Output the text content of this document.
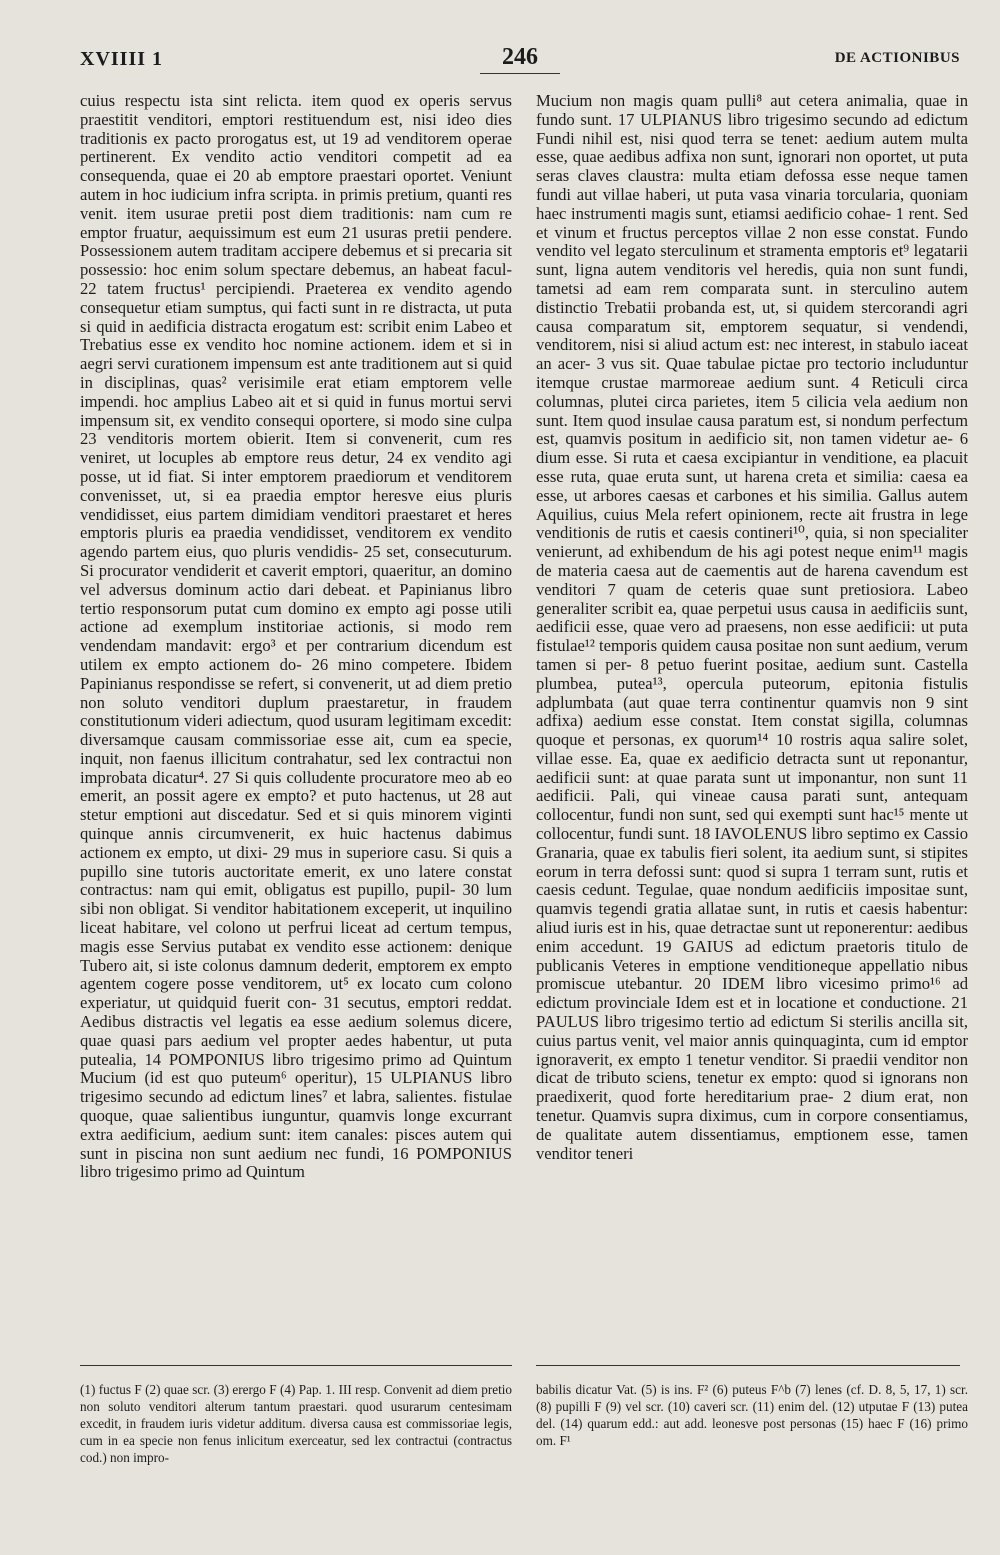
XVIIII 1	246	DE ACTIONIBUS

cuius respectu ista sint relicta. item quod ex operis servus praestitit venditori, emptori restituendum est, nisi ideo dies traditionis ex pacto prorogatus est, ut 19 ad venditorem operae pertinerent. Ex vendito actio venditori competit ad ea consequenda, quae ei 20 ab emptore praestari oportet. Veniunt autem in hoc iudicium infra scripta. in primis pretium, quanti res venit. item usurae pretii post diem traditionis: nam cum re emptor fruatur, aequissimum est eum 21 usuras pretii pendere. Possessionem autem traditam accipere debemus et si precaria sit possessio: hoc enim solum spectare debemus, an habeat facul- 22 tatem fructus¹ percipiendi. Praeterea ex vendito agendo consequetur etiam sumptus, qui facti sunt in re distracta, ut puta si quid in aedificia distracta erogatum est: scribit enim Labeo et Trebatius esse ex vendito hoc nomine actionem. idem et si in aegri servi curationem impensum est ante traditionem aut si quid in disciplinas, quas² verisimile erat etiam emptorem velle impendi. hoc amplius Labeo ait et si quid in funus mortui servi impensum sit, ex vendito consequi oportere, si modo sine culpa 23 venditoris mortem obierit. Item si convenerit, cum res veniret, ut locuples ab emptore reus detur, 24 ex vendito agi posse, ut id fiat. Si inter emptorem praediorum et venditorem convenisset, ut, si ea praedia emptor heresve eius pluris vendidisset, eius partem dimidiam venditori praestaret et heres emptoris pluris ea praedia vendidisset, venditorem ex vendito agendo partem eius, quo pluris vendidis- 25 set, consecuturum. Si procurator vendiderit et caverit emptori, quaeritur, an domino vel adversus dominum actio dari debeat. et Papinianus libro tertio responsorum putat cum domino ex empto agi posse utili actione ad exemplum institoriae actionis, si modo rem vendendam mandavit: ergo³ et per contrarium dicendum est utilem ex empto actionem do- 26 mino competere. Ibidem Papinianus respondisse se refert, si convenerit, ut ad diem pretio non soluto venditori duplum praestaretur, in fraudem constitutionum videri adiectum, quod usuram legitimam excedit: diversamque causam commissoriae esse ait, cum ea specie, inquit, non faenus illicitum contrahatur, sed lex contractui non improbata dicatur⁴. 27 Si quis colludente procuratore meo ab eo emerit, an possit agere ex empto? et puto hactenus, ut 28 aut stetur emptioni aut discedatur. Sed et si quis minorem viginti quinque annis circumvenerit, ex huic hactenus dabimus actionem ex empto, ut dixi- 29 mus in superiore casu. Si quis a pupillo sine tutoris auctoritate emerit, ex uno latere constat contractus: nam qui emit, obligatus est pupillo, pupil- 30 lum sibi non obligat. Si venditor habitationem exceperit, ut inquilino liceat habitare, vel colono ut perfrui liceat ad certum tempus, magis esse Servius putabat ex vendito esse actionem: denique Tubero ait, si iste colonus damnum dederit, emptorem ex empto agentem cogere posse venditorem, ut⁵ ex locato cum colono experiatur, ut quidquid fuerit con- 31 secutus, emptori reddat. Aedibus distractis vel legatis ea esse aedium solemus dicere, quae quasi pars aedium vel propter aedes habentur, ut puta putealia, 14 POMPONIUS libro trigesimo primo ad Quintum Mucium (id est quo puteum⁶ operitur), 15 ULPIANUS libro trigesimo secundo ad edictum lines⁷ et labra, salientes. fistulae quoque, quae salientibus iunguntur, quamvis longe excurrant extra aedificium, aedium sunt: item canales: pisces autem qui sunt in piscina non sunt aedium nec fundi, 16 POMPONIUS libro trigesimo primo ad Quintum

Mucium non magis quam pulli⁸ aut cetera animalia, quae in fundo sunt. 17 ULPIANUS libro trigesimo secundo ad edictum Fundi nihil est, nisi quod terra se tenet: aedium autem multa esse, quae aedibus adfixa non sunt, ignorari non oportet, ut puta seras claves claustra: multa etiam defossa esse neque tamen fundi aut villae haberi, ut puta vasa vinaria torcularia, quoniam haec instrumenti magis sunt, etiamsi aedificio cohae- 1 rent. Sed et vinum et fructus perceptos villae 2 non esse constat. Fundo vendito vel legato sterculinum et stramenta emptoris et⁹ legatarii sunt, ligna autem venditoris vel heredis, quia non sunt fundi, tametsi ad eam rem comparata sunt. in sterculino autem distinctio Trebatii probanda est, ut, si quidem stercorandi agri causa comparatum sit, emptorem sequatur, si vendendi, venditorem, nisi si aliud actum est: nec interest, in stabulo iaceat an acer- 3 vus sit. Quae tabulae pictae pro tectorio includuntur itemque crustae marmoreae aedium sunt. 4 Reticuli circa columnas, plutei circa parietes, item 5 cilicia vela aedium non sunt. Item quod insulae causa paratum est, si nondum perfectum est, quamvis positum in aedificio sit, non tamen videtur ae- 6 dium esse. Si ruta et caesa excipiantur in venditione, ea placuit esse ruta, quae eruta sunt, ut harena creta et similia: caesa ea esse, ut arbores caesas et carbones et his similia. Gallus autem Aquilius, cuius Mela refert opinionem, recte ait frustra in lege venditionis de rutis et caesis contineri¹⁰, quia, si non specialiter venierunt, ad exhibendum de his agi potest neque enim¹¹ magis de materia caesa aut de caementis aut de harena cavendum est venditori 7 quam de ceteris quae sunt pretiosiora. Labeo generaliter scribit ea, quae perpetui usus causa in aedificiis sunt, aedificii esse, quae vero ad praesens, non esse aedificii: ut puta fistulae¹² temporis quidem causa positae non sunt aedium, verum tamen si per- 8 petuo fuerint positae, aedium sunt. Castella plumbea, putea¹³, opercula puteorum, epitonia fistulis adplumbata (aut quae terra continentur quamvis non 9 sint adfixa) aedium esse constat. Item constat sigilla, columnas quoque et personas, ex quorum¹⁴ 10 rostris aqua salire solet, villae esse. Ea, quae ex aedificio detracta sunt ut reponantur, aedificii sunt: at quae parata sunt ut imponantur, non sunt 11 aedificii. Pali, qui vineae causa parati sunt, antequam collocentur, fundi non sunt, sed qui exempti sunt hac¹⁵ mente ut collocentur, fundi sunt. 18 IAVOLENUS libro septimo ex Cassio Granaria, quae ex tabulis fieri solent, ita aedium sunt, si stipites eorum in terra defossi sunt: quod si supra 1 terram sunt, rutis et caesis cedunt. Tegulae, quae nondum aedificiis impositae sunt, quamvis tegendi gratia allatae sunt, in rutis et caesis habentur: aliud iuris est in his, quae detractae sunt ut reponerentur: aedibus enim accedunt. 19 GAIUS ad edictum praetoris titulo de publicanis Veteres in emptione venditioneque appellatio nibus promiscue utebantur. 20 IDEM libro vicesimo primo¹⁶ ad edictum provinciale Idem est et in locatione et conductione. 21 PAULUS libro trigesimo tertio ad edictum Si sterilis ancilla sit, cuius partus venit, vel maior annis quinquaginta, cum id emptor ignoraverit, ex empto 1 tenetur venditor. Si praedii venditor non dicat de tributo sciens, tenetur ex empto: quod si ignorans non praedixerit, quod forte hereditarium prae- 2 dium erat, non tenetur. Quamvis supra diximus, cum in corpore consentiamus, de qualitate autem dissentiamus, emptionem esse, tamen venditor teneri

(1) fuctus F (2) quae scr. (3) erergo F (4) Pap. 1. III resp. Convenit ad diem pretio non soluto venditori alterum tantum praestari. quod usurarum centesimam excedit, in fraudem iuris videtur additum. diversa causa est commissoriae legis, cum in ea specie non fenus inlicitum exerceatur, sed lex contractui (contractus cod.) non impro-

babilis dicatur Vat. (5) is ins. F² (6) puteus F^b (7) lenes (cf. D. 8, 5, 17, 1) scr. (8) pupilli F (9) vel scr. (10) caveri scr. (11) enim del. (12) utputae F (13) putea del. (14) quarum edd.: aut add. leonesve post personas (15) haec F (16) primo om. F¹
